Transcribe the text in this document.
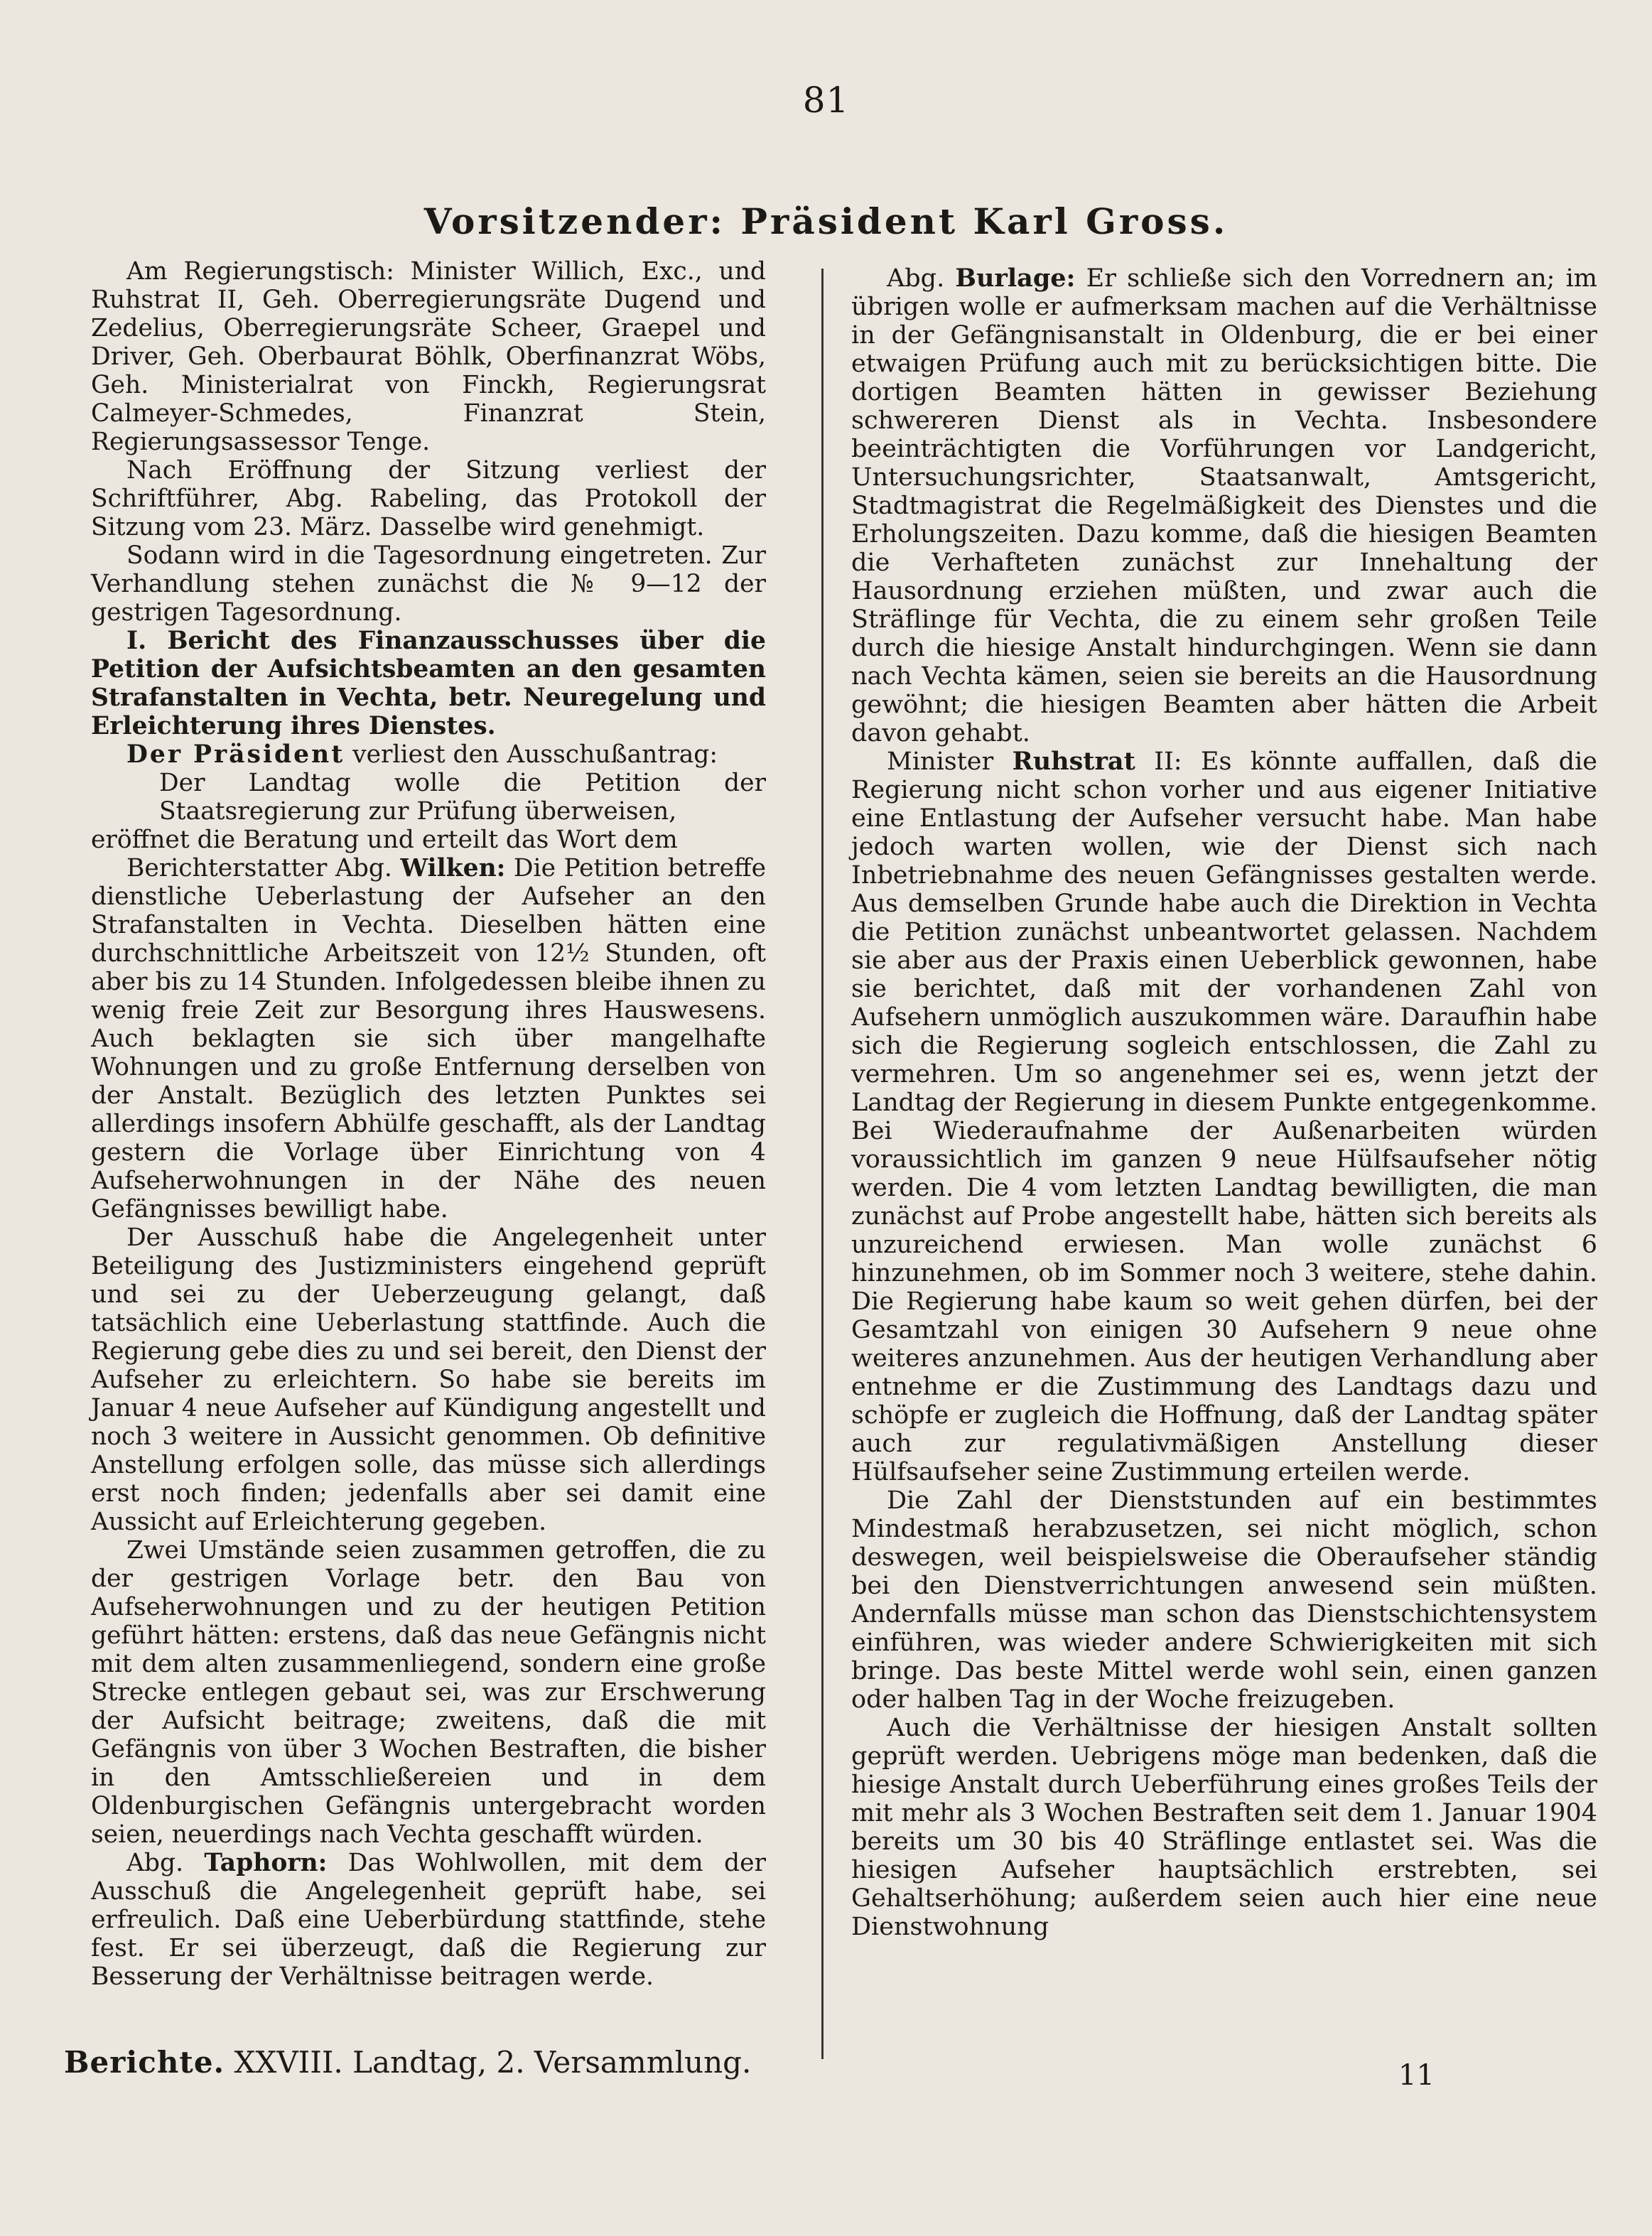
81
Vorsitzender: Präsident Karl Gross.

Am Regierungstisch: Minister Willich, Exc., und Ruhstrat II, Geh. Oberregierungsräte Dugend und Zedelius, Oberregierungsräte Scheer, Graepel und Driver, Geh. Oberbaurat Böhlk, Oberfinanzrat Wöbs, Geh. Ministerialrat von Finckh, Regierungsrat Calmeyer-Schmedes, Finanzrat Stein, Regierungsassessor Tenge.

Nach Eröffnung der Sitzung verliest der Schriftführer, Abg. Rabeling, das Protokoll der Sitzung vom 23. März. Dasselbe wird genehmigt.

Sodann wird in die Tagesordnung eingetreten. Zur Verhandlung stehen zunächst die № 9—12 der gestrigen Tagesordnung.

I. Bericht des Finanzausschusses über die Petition der Aufsichtsbeamten an den gesamten Strafanstalten in Vechta, betr. Neuregelung und Erleichterung ihres Dienstes.

Der Präsident verliest den Ausschußantrag:

Der Landtag wolle die Petition der Staatsregierung zur Prüfung überweisen,

eröffnet die Beratung und erteilt das Wort dem

Berichterstatter Abg. Wilken: Die Petition betreffe dienstliche Ueberlastung der Aufseher an den Strafanstalten in Vechta. Dieselben hätten eine durchschnittliche Arbeitszeit von 12½ Stunden, oft aber bis zu 14 Stunden. Infolgedessen bleibe ihnen zu wenig freie Zeit zur Besorgung ihres Hauswesens. Auch beklagten sie sich über mangelhafte Wohnungen und zu große Entfernung derselben von der Anstalt. Bezüglich des letzten Punktes sei allerdings insofern Abhülfe geschafft, als der Landtag gestern die Vorlage über Einrichtung von 4 Aufseherwohnungen in der Nähe des neuen Gefängnisses bewilligt habe.

Der Ausschuß habe die Angelegenheit unter Beteiligung des Justizministers eingehend geprüft und sei zu der Ueberzeugung gelangt, daß tatsächlich eine Ueberlastung stattfinde. Auch die Regierung gebe dies zu und sei bereit, den Dienst der Aufseher zu erleichtern. So habe sie bereits im Januar 4 neue Aufseher auf Kündigung angestellt und noch 3 weitere in Aussicht genommen. Ob definitive Anstellung erfolgen solle, das müsse sich allerdings erst noch finden; jedenfalls aber sei damit eine Aussicht auf Erleichterung gegeben.

Zwei Umstände seien zusammen getroffen, die zu der gestrigen Vorlage betr. den Bau von Aufseherwohnungen und zu der heutigen Petition geführt hätten: erstens, daß das neue Gefängnis nicht mit dem alten zusammenliegend, sondern eine große Strecke entlegen gebaut sei, was zur Erschwerung der Aufsicht beitrage; zweitens, daß die mit Gefängnis von über 3 Wochen Bestraften, die bisher in den Amtsschließereien und in dem Oldenburgischen Gefängnis untergebracht worden seien, neuerdings nach Vechta geschafft würden.

Abg. Taphorn: Das Wohlwollen, mit dem der Ausschuß die Angelegenheit geprüft habe, sei erfreulich. Daß eine Ueberbürdung stattfinde, stehe fest. Er sei überzeugt, daß die Regierung zur Besserung der Verhältnisse beitragen werde.

Abg. Burlage: Er schließe sich den Vorrednern an; im übrigen wolle er aufmerksam machen auf die Verhältnisse in der Gefängnisanstalt in Oldenburg, die er bei einer etwaigen Prüfung auch mit zu berücksichtigen bitte. Die dortigen Beamten hätten in gewisser Beziehung schwereren Dienst als in Vechta. Insbesondere beeinträchtigten die Vorführungen vor Landgericht, Untersuchungsrichter, Staatsanwalt, Amtsgericht, Stadtmagistrat die Regelmäßigkeit des Dienstes und die Erholungszeiten. Dazu komme, daß die hiesigen Beamten die Verhafteten zunächst zur Innehaltung der Hausordnung erziehen müßten, und zwar auch die Sträflinge für Vechta, die zu einem sehr großen Teile durch die hiesige Anstalt hindurchgingen. Wenn sie dann nach Vechta kämen, seien sie bereits an die Hausordnung gewöhnt; die hiesigen Beamten aber hätten die Arbeit davon gehabt.

Minister Ruhstrat II: Es könnte auffallen, daß die Regierung nicht schon vorher und aus eigener Initiative eine Entlastung der Aufseher versucht habe. Man habe jedoch warten wollen, wie der Dienst sich nach Inbetriebnahme des neuen Gefängnisses gestalten werde. Aus demselben Grunde habe auch die Direktion in Vechta die Petition zunächst unbeantwortet gelassen. Nachdem sie aber aus der Praxis einen Ueberblick gewonnen, habe sie berichtet, daß mit der vorhandenen Zahl von Aufsehern unmöglich auszukommen wäre. Daraufhin habe sich die Regierung sogleich entschlossen, die Zahl zu vermehren. Um so angenehmer sei es, wenn jetzt der Landtag der Regierung in diesem Punkte entgegenkomme. Bei Wiederaufnahme der Außenarbeiten würden voraussichtlich im ganzen 9 neue Hülfsaufseher nötig werden. Die 4 vom letzten Landtag bewilligten, die man zunächst auf Probe angestellt habe, hätten sich bereits als unzureichend erwiesen. Man wolle zunächst 6 hinzunehmen, ob im Sommer noch 3 weitere, stehe dahin. Die Regierung habe kaum so weit gehen dürfen, bei der Gesamtzahl von einigen 30 Aufsehern 9 neue ohne weiteres anzunehmen. Aus der heutigen Verhandlung aber entnehme er die Zustimmung des Landtags dazu und schöpfe er zugleich die Hoffnung, daß der Landtag später auch zur regulativmäßigen Anstellung dieser Hülfsaufseher seine Zustimmung erteilen werde.

Die Zahl der Dienststunden auf ein bestimmtes Mindestmaß herabzusetzen, sei nicht möglich, schon deswegen, weil beispielsweise die Oberaufseher ständig bei den Dienstverrichtungen anwesend sein müßten. Andernfalls müsse man schon das Dienstschichtensystem einführen, was wieder andere Schwierigkeiten mit sich bringe. Das beste Mittel werde wohl sein, einen ganzen oder halben Tag in der Woche freizugeben.

Auch die Verhältnisse der hiesigen Anstalt sollten geprüft werden. Uebrigens möge man bedenken, daß die hiesige Anstalt durch Ueberführung eines großes Teils der mit mehr als 3 Wochen Bestraften seit dem 1. Januar 1904 bereits um 30 bis 40 Sträflinge entlastet sei. Was die hiesigen Aufseher hauptsächlich erstrebten, sei Gehaltserhöhung; außerdem seien auch hier eine neue Dienstwohnung

Berichte. XXVIII. Landtag, 2. Versammlung.	11
